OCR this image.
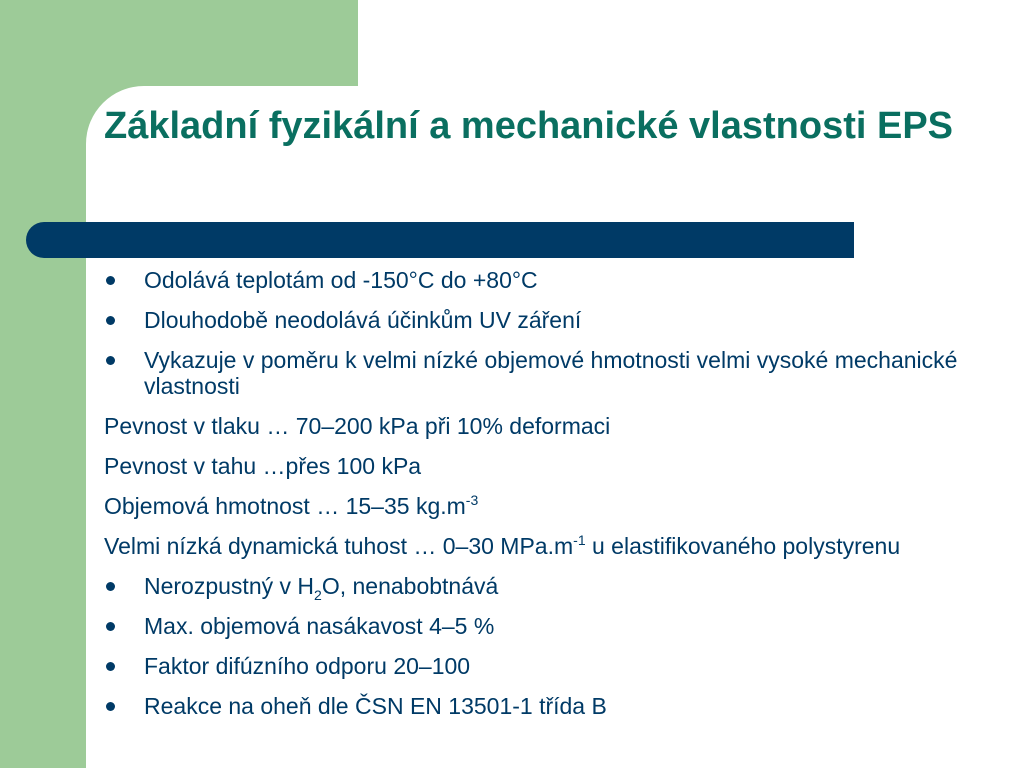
Základní fyzikální a mechanické vlastnosti EPS
Odolává teplotám od -150°C do +80°C
Dlouhodobě neodolává účinkům UV záření
Vykazuje v poměru k velmi nízké objemové hmotnosti velmi vysoké mechanické vlastnosti
Pevnost v tlaku … 70–200 kPa při 10% deformaci
Pevnost v tahu …přes 100 kPa
Objemová hmotnost … 15–35 $kg.m^{-3}$
Velmi nízká dynamická tuhost … 0–30 $MPa.m^{-1}$ u elastifikovaného polystyrenu
Nerozpustný v $H_2O$, nenabobtnává
Max. objemová nasákavost 4–5 %
Faktor difúzního odporu 20–100
Reakce na oheň dle ČSN EN 13501-1 třída B
